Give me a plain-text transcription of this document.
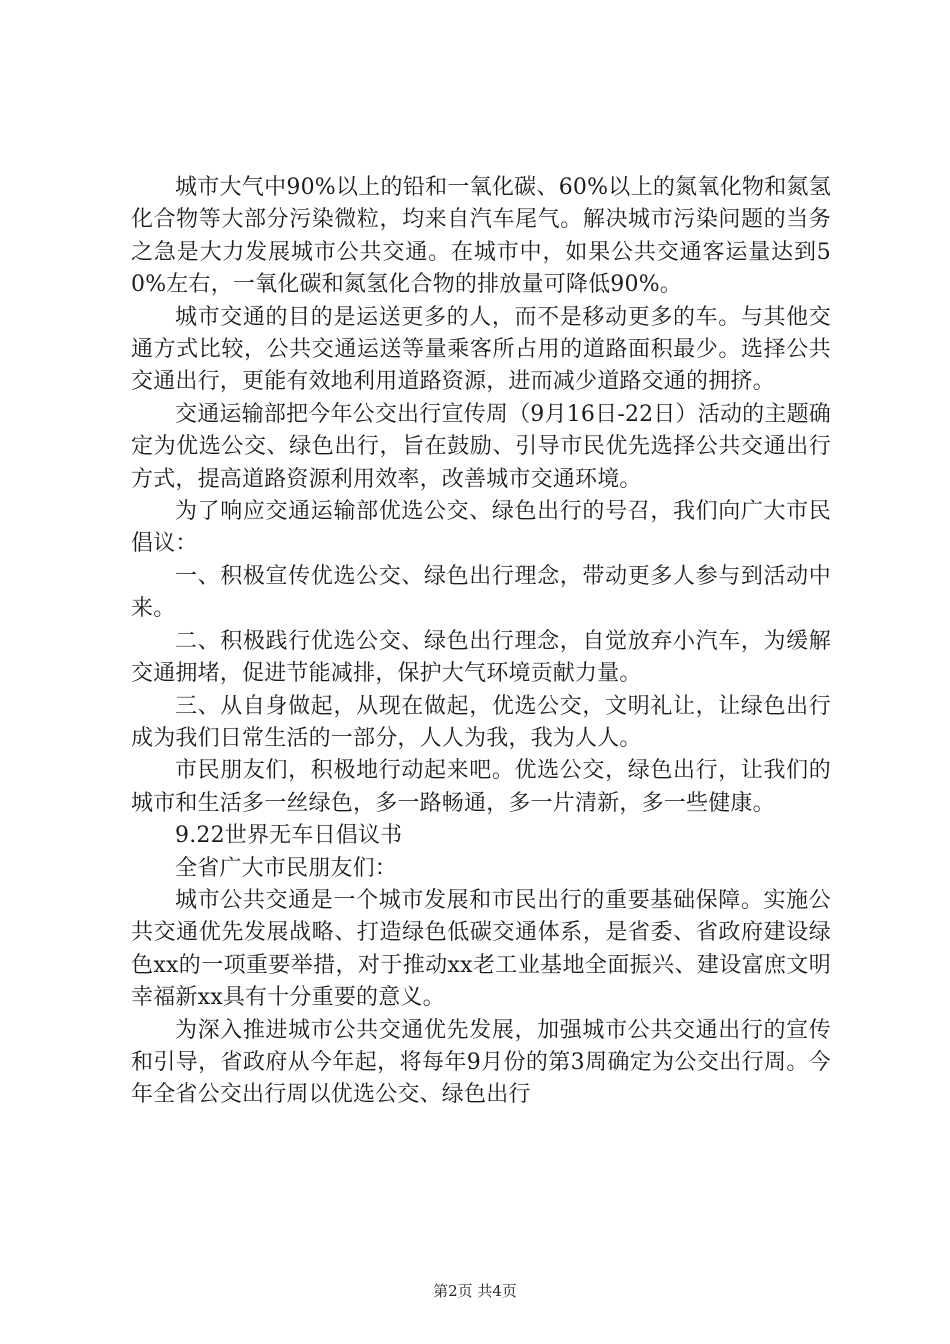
城市大气中90%以上的铅和一氧化碳、60%以上的氮氧化物和氮氢化合物等大部分污染微粒，均来自汽车尾气。解决城市污染问题的当务之急是大力发展城市公共交通。在城市中，如果公共交通客运量达到50%左右，一氧化碳和氮氢化合物的排放量可降低90%。

城市交通的目的是运送更多的人，而不是移动更多的车。与其他交通方式比较，公共交通运送等量乘客所占用的道路面积最少。选择公共交通出行，更能有效地利用道路资源，进而减少道路交通的拥挤。

交通运输部把今年公交出行宣传周（9月16日-22日）活动的主题确定为优选公交、绿色出行，旨在鼓励、引导市民优先选择公共交通出行方式，提高道路资源利用效率，改善城市交通环境。

为了响应交通运输部优选公交、绿色出行的号召，我们向广大市民倡议：

一、积极宣传优选公交、绿色出行理念，带动更多人参与到活动中来。

二、积极践行优选公交、绿色出行理念，自觉放弃小汽车，为缓解交通拥堵，促进节能减排，保护大气环境贡献力量。

三、从自身做起，从现在做起，优选公交，文明礼让，让绿色出行成为我们日常生活的一部分，人人为我，我为人人。

市民朋友们，积极地行动起来吧。优选公交，绿色出行，让我们的城市和生活多一丝绿色，多一路畅通，多一片清新，多一些健康。

9.22世界无车日倡议书

全省广大市民朋友们：

城市公共交通是一个城市发展和市民出行的重要基础保障。实施公共交通优先发展战略、打造绿色低碳交通体系，是省委、省政府建设绿色xx的一项重要举措，对于推动xx老工业基地全面振兴、建设富庶文明幸福新xx具有十分重要的意义。

为深入推进城市公共交通优先发展，加强城市公共交通出行的宣传和引导，省政府从今年起，将每年9月份的第3周确定为公交出行周。今年全省公交出行周以优选公交、绿色出行

第2页 共4页
